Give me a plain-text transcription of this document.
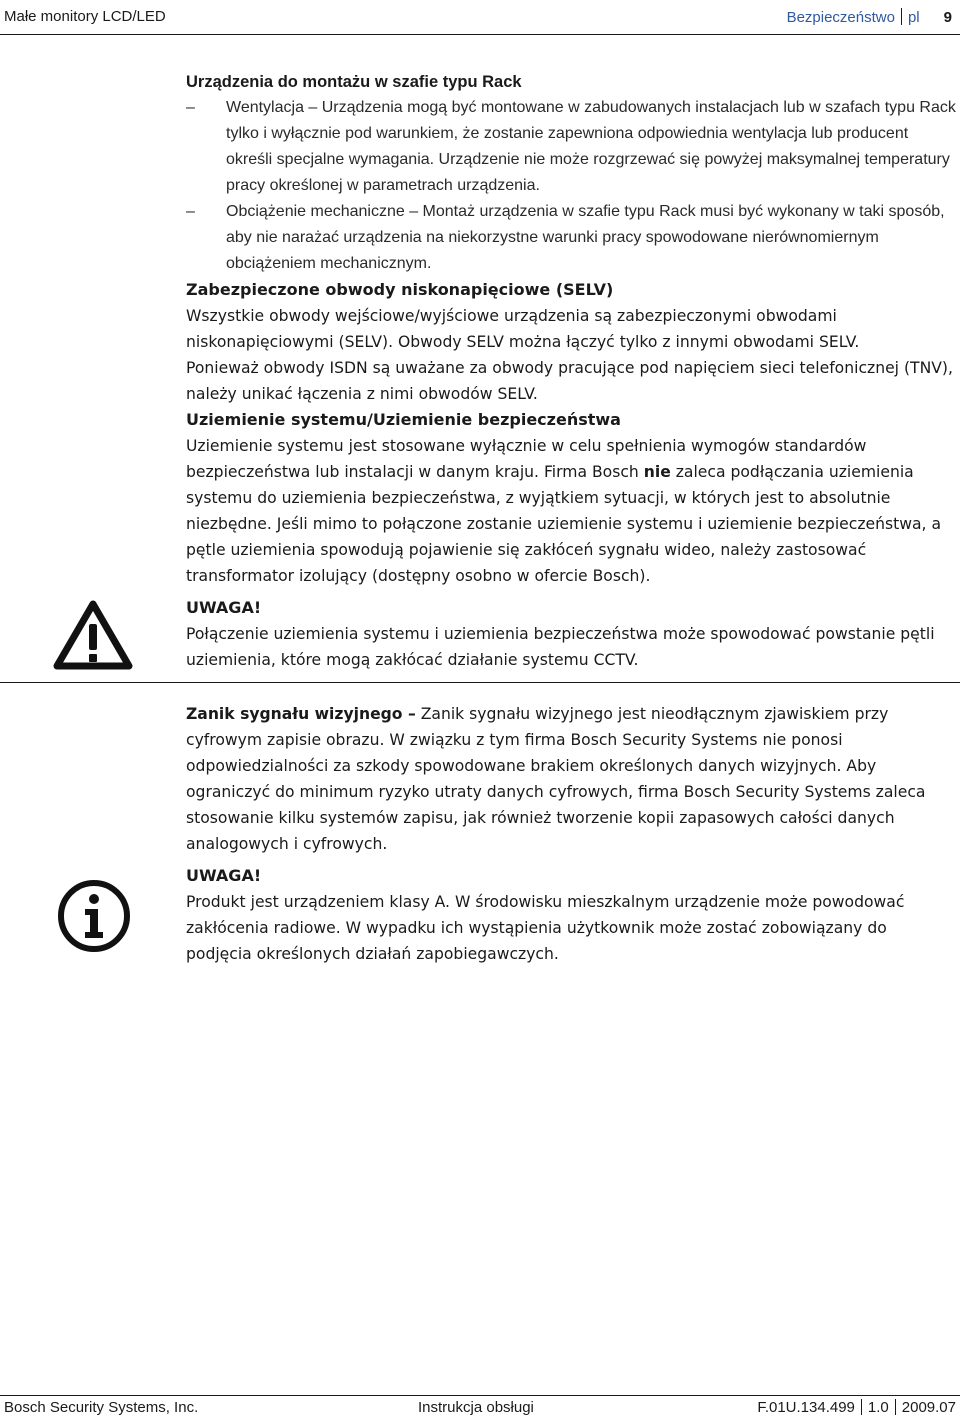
Małe monitory LCD/LED	Bezpieczeństwo pl 9

Urządzenia do montażu w szafie typu Rack

– Wentylacja – Urządzenia mogą być montowane w zabudowanych instalacjach lub w szafach typu Rack tylko i wyłącznie pod warunkiem, że zostanie zapewniona odpowiednia wentylacja lub producent określi specjalne wymagania. Urządzenie nie może rozgrzewać się powyżej maksymalnej temperatury pracy określonej w parametrach urządzenia.
– Obciążenie mechaniczne – Montaż urządzenia w szafie typu Rack musi być wykonany w taki sposób, aby nie narażać urządzenia na niekorzystne warunki pracy spowodowane nierównomiernym obciążeniem mechanicznym.

Zabezpieczone obwody niskonapięciowe (SELV)

Wszystkie obwody wejściowe/wyjściowe urządzenia są zabezpieczonymi obwodami niskonapięciowymi (SELV). Obwody SELV można łączyć tylko z innymi obwodami SELV.

Ponieważ obwody ISDN są uważane za obwody pracujące pod napięciem sieci telefonicznej (TNV), należy unikać łączenia z nimi obwodów SELV.

Uziemienie systemu/Uziemienie bezpieczeństwa

Uziemienie systemu jest stosowane wyłącznie w celu spełnienia wymogów standardów bezpieczeństwa lub instalacji w danym kraju. Firma Bosch nie zaleca podłączania uziemienia systemu do uziemienia bezpieczeństwa, z wyjątkiem sytuacji, w których jest to absolutnie niezbędne. Jeśli mimo to połączone zostanie uziemienie systemu i uziemienie bezpieczeństwa, a pętle uziemienia spowodują pojawienie się zakłóceń sygnału wideo, należy zastosować transformator izolujący (dostępny osobno w ofercie Bosch).

UWAGA!

Połączenie uziemienia systemu i uziemienia bezpieczeństwa może spowodować powstanie pętli uziemienia, które mogą zakłócać działanie systemu CCTV.

Zanik sygnału wizyjnego – Zanik sygnału wizyjnego jest nieodłącznym zjawiskiem przy cyfrowym zapisie obrazu. W związku z tym firma Bosch Security Systems nie ponosi odpowiedzialności za szkody spowodowane brakiem określonych danych wizyjnych. Aby ograniczyć do minimum ryzyko utraty danych cyfrowych, firma Bosch Security Systems zaleca stosowanie kilku systemów zapisu, jak również tworzenie kopii zapasowych całości danych analogowych i cyfrowych.

UWAGA!

Produkt jest urządzeniem klasy A. W środowisku mieszkalnym urządzenie może powodować zakłócenia radiowe. W wypadku ich wystąpienia użytkownik może zostać zobowiązany do podjęcia określonych działań zapobiegawczych.

Bosch Security Systems, Inc.	Instrukcja obsługi	F.01U.134.499 1.0 2009.07
